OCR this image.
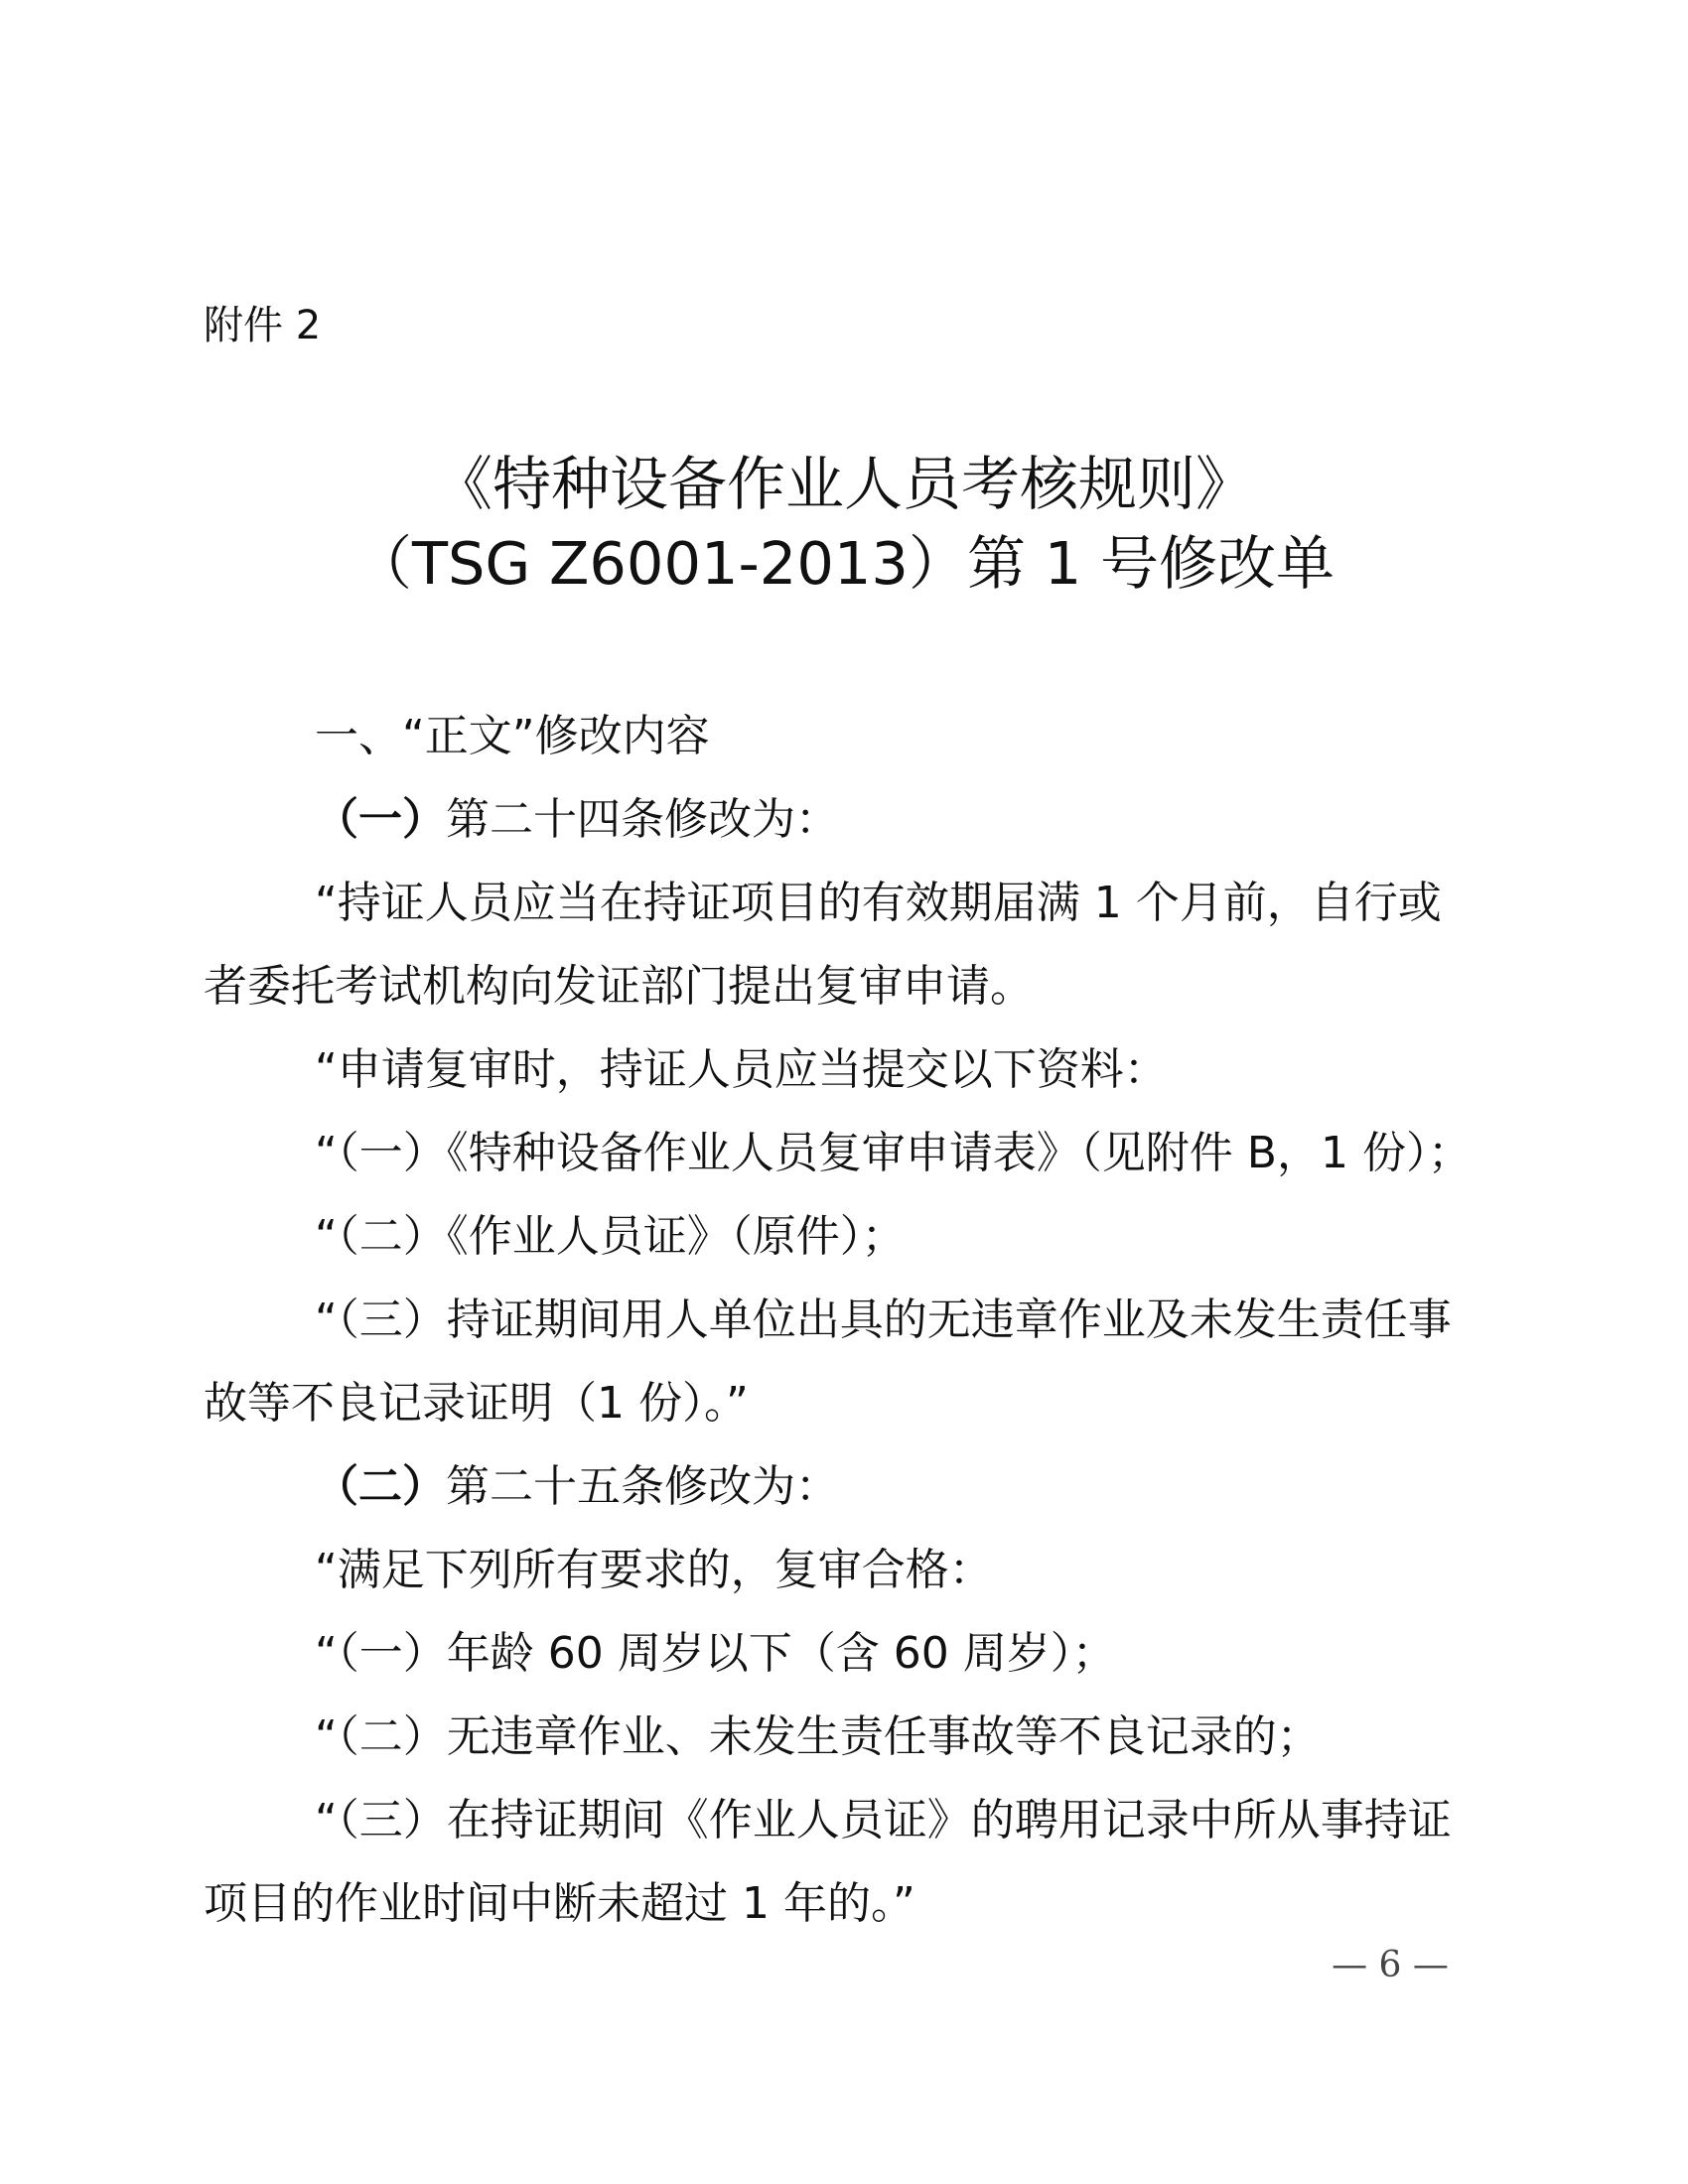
附件 2
《特种设备作业人员考核规则》
（TSG Z6001-2013）第 1 号修改单
一、“正文”修改内容
（一）第二十四条修改为：
“持证人员应当在持证项目的有效期届满 1 个月前，自行或者委托考试机构向发证部门提出复审申请。
“申请复审时，持证人员应当提交以下资料：
“（一）《特种设备作业人员复审申请表》（见附件 B，1 份）；
“（二）《作业人员证》（原件）；
“（三）持证期间用人单位出具的无违章作业及未发生责任事故等不良记录证明（1 份）。”
（二）第二十五条修改为：
“满足下列所有要求的，复审合格：
“（一）年龄 60 周岁以下（含 60 周岁）；
“（二）无违章作业、未发生责任事故等不良记录的；
“（三）在持证期间《作业人员证》的聘用记录中所从事持证项目的作业时间中断未超过 1 年的。”
— 6 —
